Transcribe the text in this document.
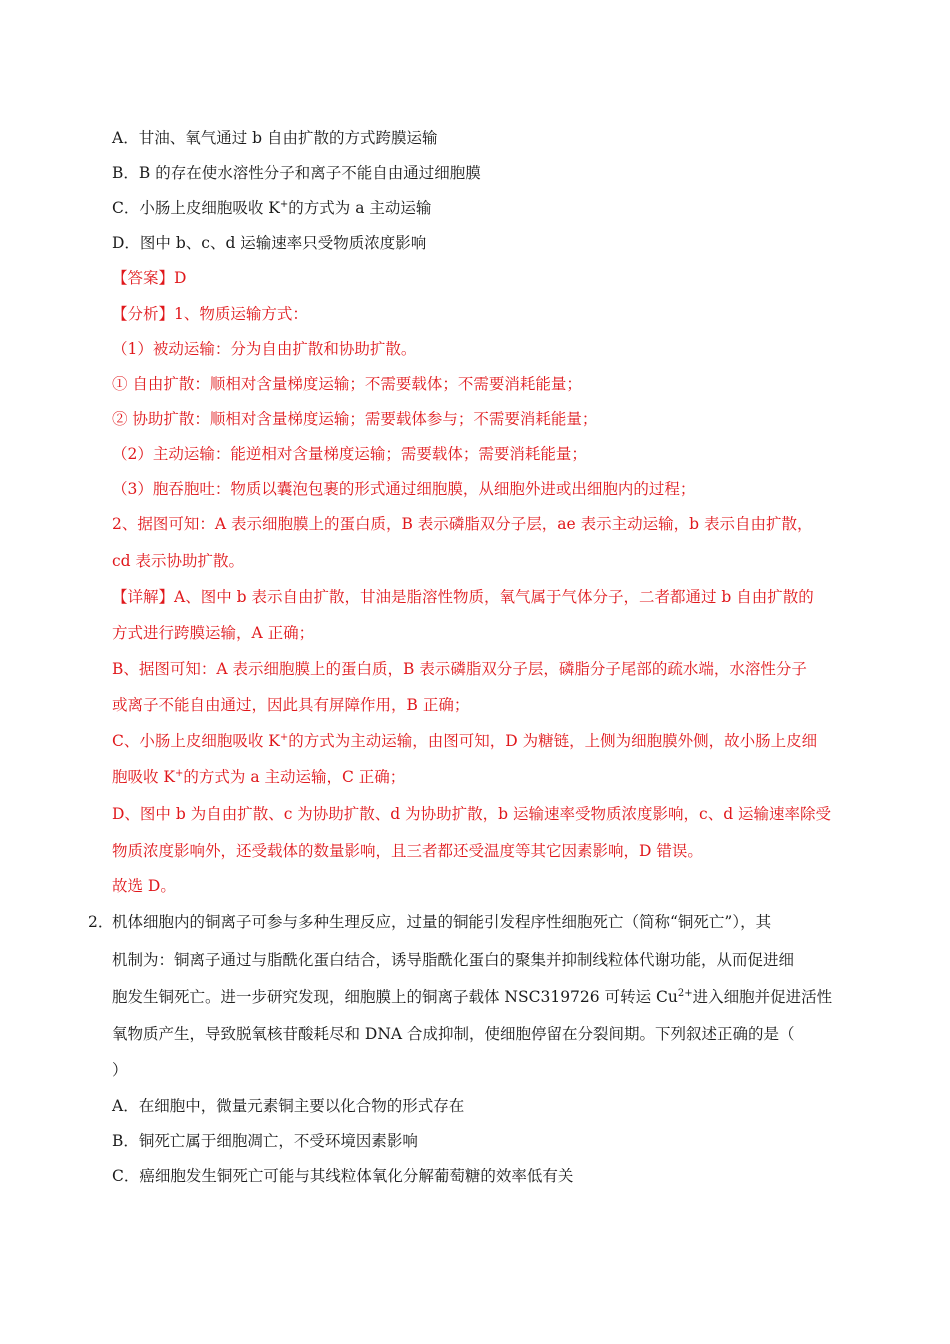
A．甘油、氧气通过 b 自由扩散的方式跨膜运输
B．B 的存在使水溶性分子和离子不能自由通过细胞膜
C．小肠上皮细胞吸收 K+的方式为 a 主动运输
D．图中 b、c、d 运输速率只受物质浓度影响
【答案】D
【分析】1、物质运输方式：
（1）被动运输：分为自由扩散和协助扩散。
① 自由扩散：顺相对含量梯度运输；不需要载体；不需要消耗能量；
② 协助扩散：顺相对含量梯度运输；需要载体参与；不需要消耗能量；
（2）主动运输：能逆相对含量梯度运输；需要载体；需要消耗能量；
（3）胞吞胞吐：物质以囊泡包裹的形式通过细胞膜，从细胞外进或出细胞内的过程；
2、据图可知：A 表示细胞膜上的蛋白质，B 表示磷脂双分子层，ae 表示主动运输，b 表示自由扩散，
cd 表示协助扩散。
【详解】A、图中 b 表示自由扩散，甘油是脂溶性物质，氧气属于气体分子，二者都通过 b 自由扩散的
方式进行跨膜运输，A 正确；
B、据图可知：A 表示细胞膜上的蛋白质，B 表示磷脂双分子层，磷脂分子尾部的疏水端，水溶性分子
或离子不能自由通过，因此具有屏障作用，B 正确；
C、小肠上皮细胞吸收 K+的方式为主动运输，由图可知，D 为糖链，上侧为细胞膜外侧，故小肠上皮细
胞吸收 K+的方式为 a 主动运输，C 正确；
D、图中 b 为自由扩散、c 为协助扩散、d 为协助扩散，b 运输速率受物质浓度影响，c、d 运输速率除受
物质浓度影响外，还受载体的数量影响，且三者都还受温度等其它因素影响，D 错误。
故选 D。
2．
机体细胞内的铜离子可参与多种生理反应，过量的铜能引发程序性细胞死亡（简称“铜死亡”），其
机制为：铜离子通过与脂酰化蛋白结合，诱导脂酰化蛋白的聚集并抑制线粒体代谢功能，从而促进细
胞发生铜死亡。进一步研究发现，细胞膜上的铜离子载体 NSC319726 可转运 $Cu^{2+}$进入细胞并促进活性
氧物质产生，导致脱氧核苷酸耗尽和 DNA 合成抑制，使细胞停留在分裂间期。下列叙述正确的是（
）
A．在细胞中，微量元素铜主要以化合物的形式存在
B．铜死亡属于细胞凋亡，不受环境因素影响
C．癌细胞发生铜死亡可能与其线粒体氧化分解葡萄糖的效率低有关
